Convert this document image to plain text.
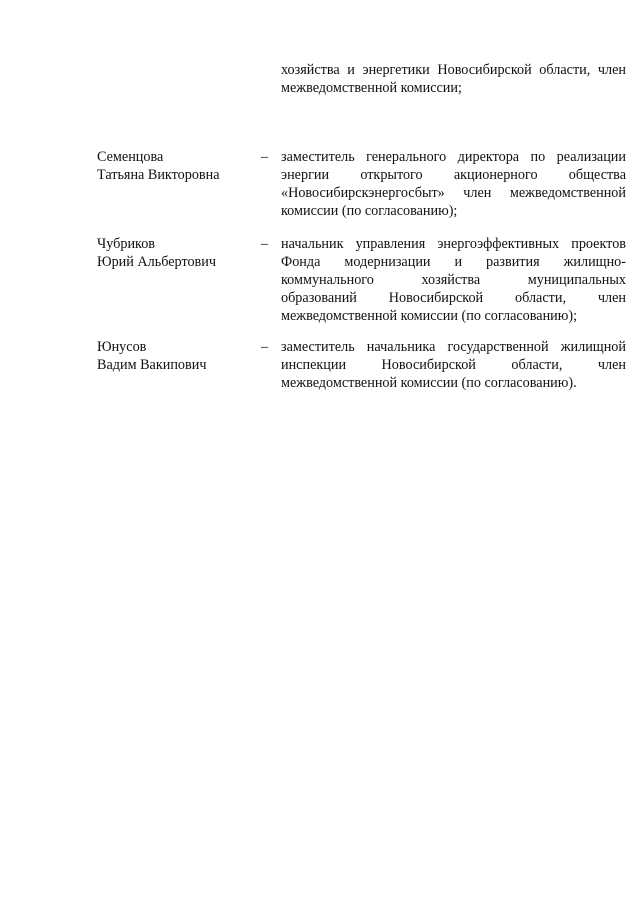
хозяйства и энергетики Новосибирской области, член
межведомственной комиссии;
Семенцова
Татьяна Викторовна
– заместитель генерального директора по реализации
энергии открытого акционерного общества
«Новосибирскэнергосбыт» член межведомственной
комиссии (по согласованию);
Чубриков
Юрий Альбертович
– начальник управления энергоэффективных проектов
Фонда модернизации и развития жилищно-
коммунального хозяйства муниципальных
образований Новосибирской области, член
межведомственной комиссии (по согласованию);
Юнусов
Вадим Вакипович
– заместитель начальника государственной жилищной
инспекции Новосибирской области, член
межведомственной комиссии (по согласованию).
